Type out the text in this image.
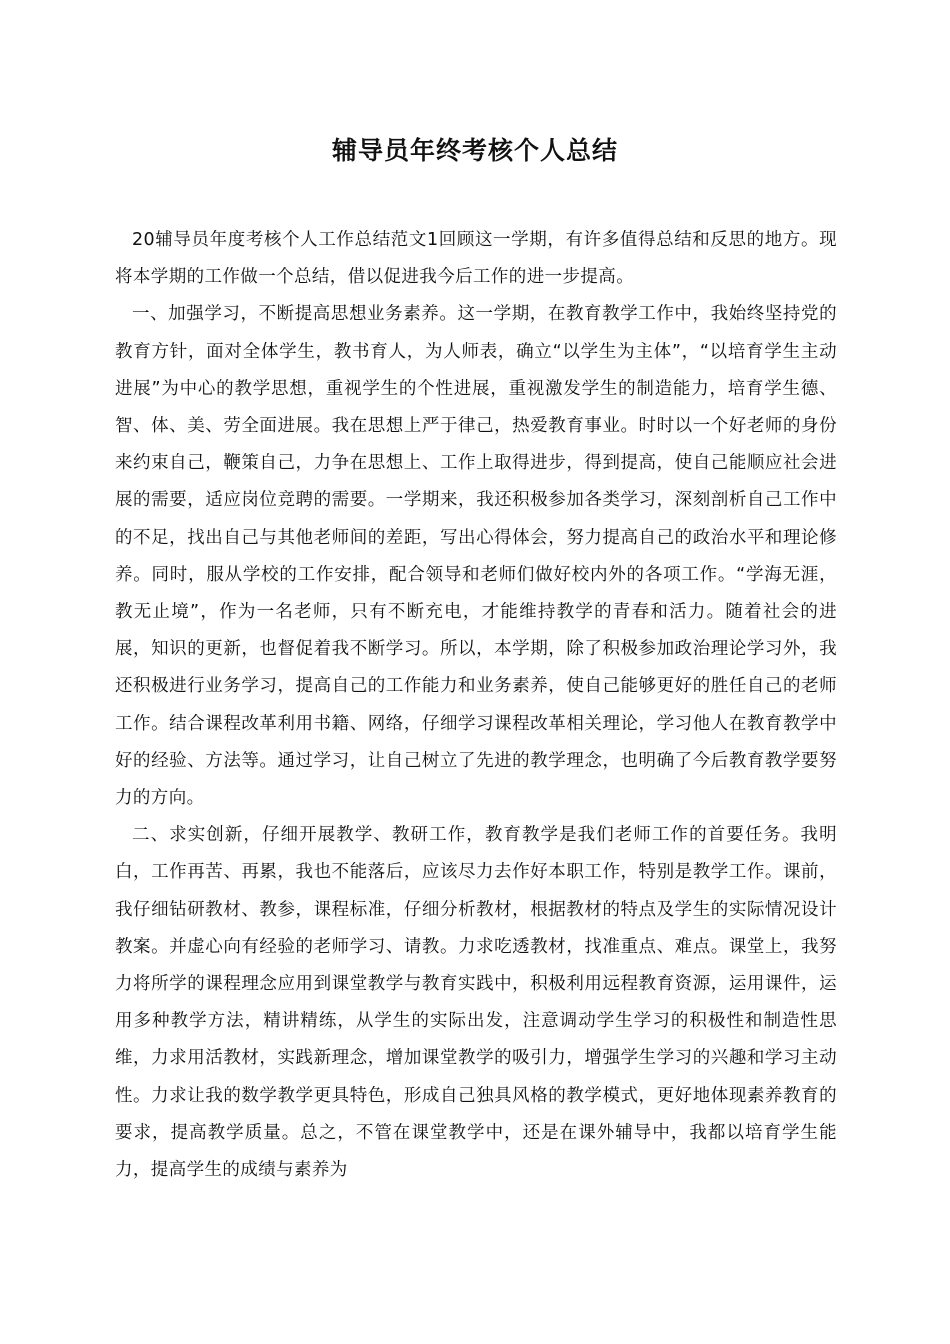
辅导员年终考核个人总结

20辅导员年度考核个人工作总结范文1回顾这一学期，有许多值得总结和反思的地方。现将本学期的工作做一个总结，借以促进我今后工作的进一步提高。

一、加强学习，不断提高思想业务素养。这一学期，在教育教学工作中，我始终坚持党的教育方针，面对全体学生，教书育人，为人师表，确立“以学生为主体”，“以培育学生主动进展”为中心的教学思想，重视学生的个性进展，重视激发学生的制造能力，培育学生德、智、体、美、劳全面进展。我在思想上严于律己，热爱教育事业。时时以一个好老师的身份来约束自己，鞭策自己，力争在思想上、工作上取得进步，得到提高，使自己能顺应社会进展的需要，适应岗位竞聘的需要。一学期来，我还积极参加各类学习，深刻剖析自己工作中的不足，找出自己与其他老师间的差距，写出心得体会，努力提高自己的政治水平和理论修养。同时，服从学校的工作安排，配合领导和老师们做好校内外的各项工作。“学海无涯，教无止境”，作为一名老师，只有不断充电，才能维持教学的青春和活力。随着社会的进展，知识的更新，也督促着我不断学习。所以，本学期，除了积极参加政治理论学习外，我还积极进行业务学习，提高自己的工作能力和业务素养，使自己能够更好的胜任自己的老师工作。结合课程改革利用书籍、网络，仔细学习课程改革相关理论，学习他人在教育教学中好的经验、方法等。通过学习，让自己树立了先进的教学理念，也明确了今后教育教学要努力的方向。

二、求实创新，仔细开展教学、教研工作，教育教学是我们老师工作的首要任务。我明白，工作再苦、再累，我也不能落后，应该尽力去作好本职工作，特别是教学工作。课前，我仔细钻研教材、教参，课程标准，仔细分析教材，根据教材的特点及学生的实际情况设计教案。并虚心向有经验的老师学习、请教。力求吃透教材，找准重点、难点。课堂上，我努力将所学的课程理念应用到课堂教学与教育实践中，积极利用远程教育资源，运用课件，运用多种教学方法，精讲精练，从学生的实际出发，注意调动学生学习的积极性和制造性思维，力求用活教材，实践新理念，增加课堂教学的吸引力，增强学生学习的兴趣和学习主动性。力求让我的数学教学更具特色，形成自己独具风格的教学模式，更好地体现素养教育的要求，提高教学质量。总之，不管在课堂教学中，还是在课外辅导中，我都以培育学生能力，提高学生的成绩与素养为
